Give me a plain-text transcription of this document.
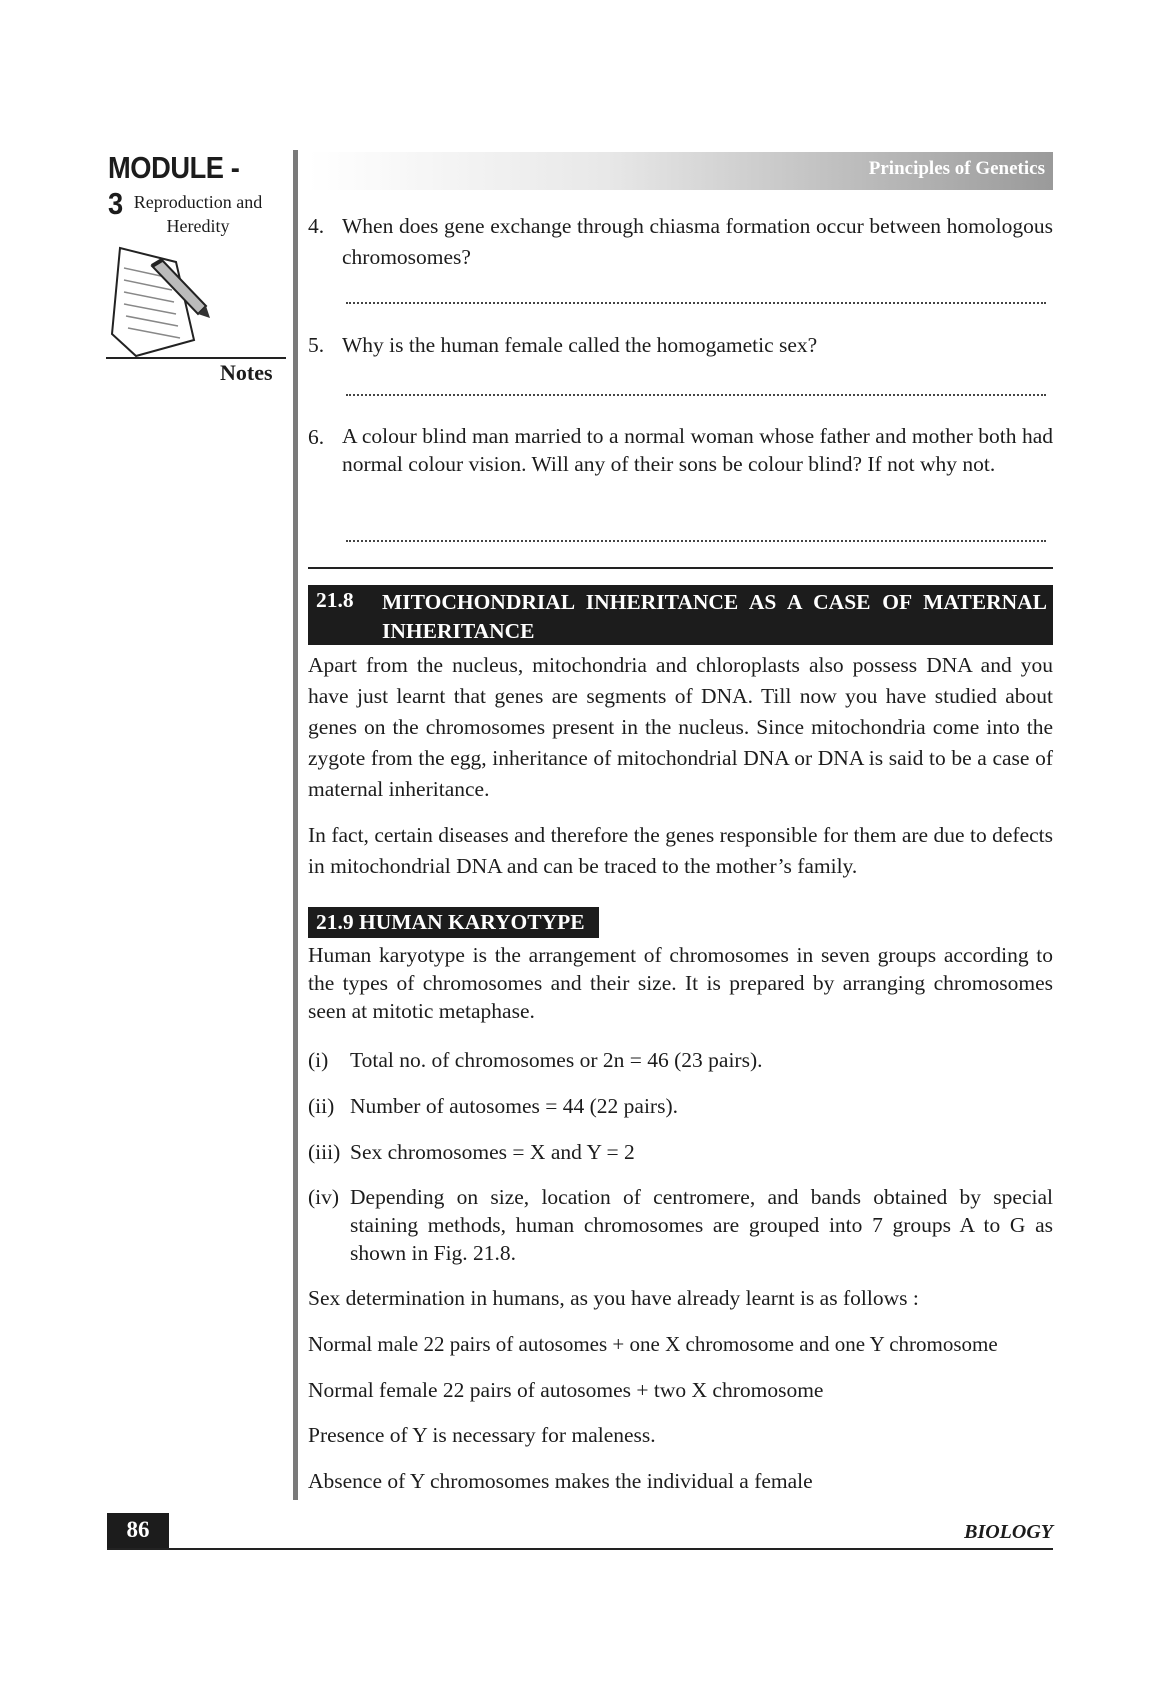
MODULE - 3 Reproduction and Heredity
Notes
Principles of Genetics
4. When does gene exchange through chiasma formation occur between homologous chromosomes?
5. Why is the human female called the homogametic sex?
6. A colour blind man married to a normal woman whose father and mother both had normal colour vision. Will any of their sons be colour blind? If not why not.
21.8 MITOCHONDRIAL INHERITANCE AS A CASE OF MATERNAL INHERITANCE
Apart from the nucleus, mitochondria and chloroplasts also possess DNA and you have just learnt that genes are segments of DNA. Till now you have studied about genes on the chromosomes present in the nucleus. Since mitochondria come into the zygote from the egg, inheritance of mitochondrial DNA or DNA is said to be a case of maternal inheritance.
In fact, certain diseases and therefore the genes responsible for them are due to defects in mitochondrial DNA and can be traced to the mother’s family.
21.9 HUMAN KARYOTYPE
Human karyotype is the arrangement of chromosomes in seven groups according to the types of chromosomes and their size. It is prepared by arranging chromosomes seen at mitotic metaphase.
(i)	Total no. of chromosomes or 2n = 46 (23 pairs).
(ii) Number of autosomes = 44 (22 pairs).
(iii) Sex chromosomes = X and Y = 2
(iv) Depending on size, location of centromere, and bands obtained by special staining methods, human chromosomes are grouped into 7 groups A to G as shown in Fig. 21.8.
Sex determination in humans, as you have already learnt is as follows :
Normal male 22 pairs of autosomes + one X chromosome and one Y chromosome
Normal female 22 pairs of autosomes + two X chromosome
Presence of Y is necessary for maleness.
Absence of Y chromosomes makes the individual a female
86	BIOLOGY
